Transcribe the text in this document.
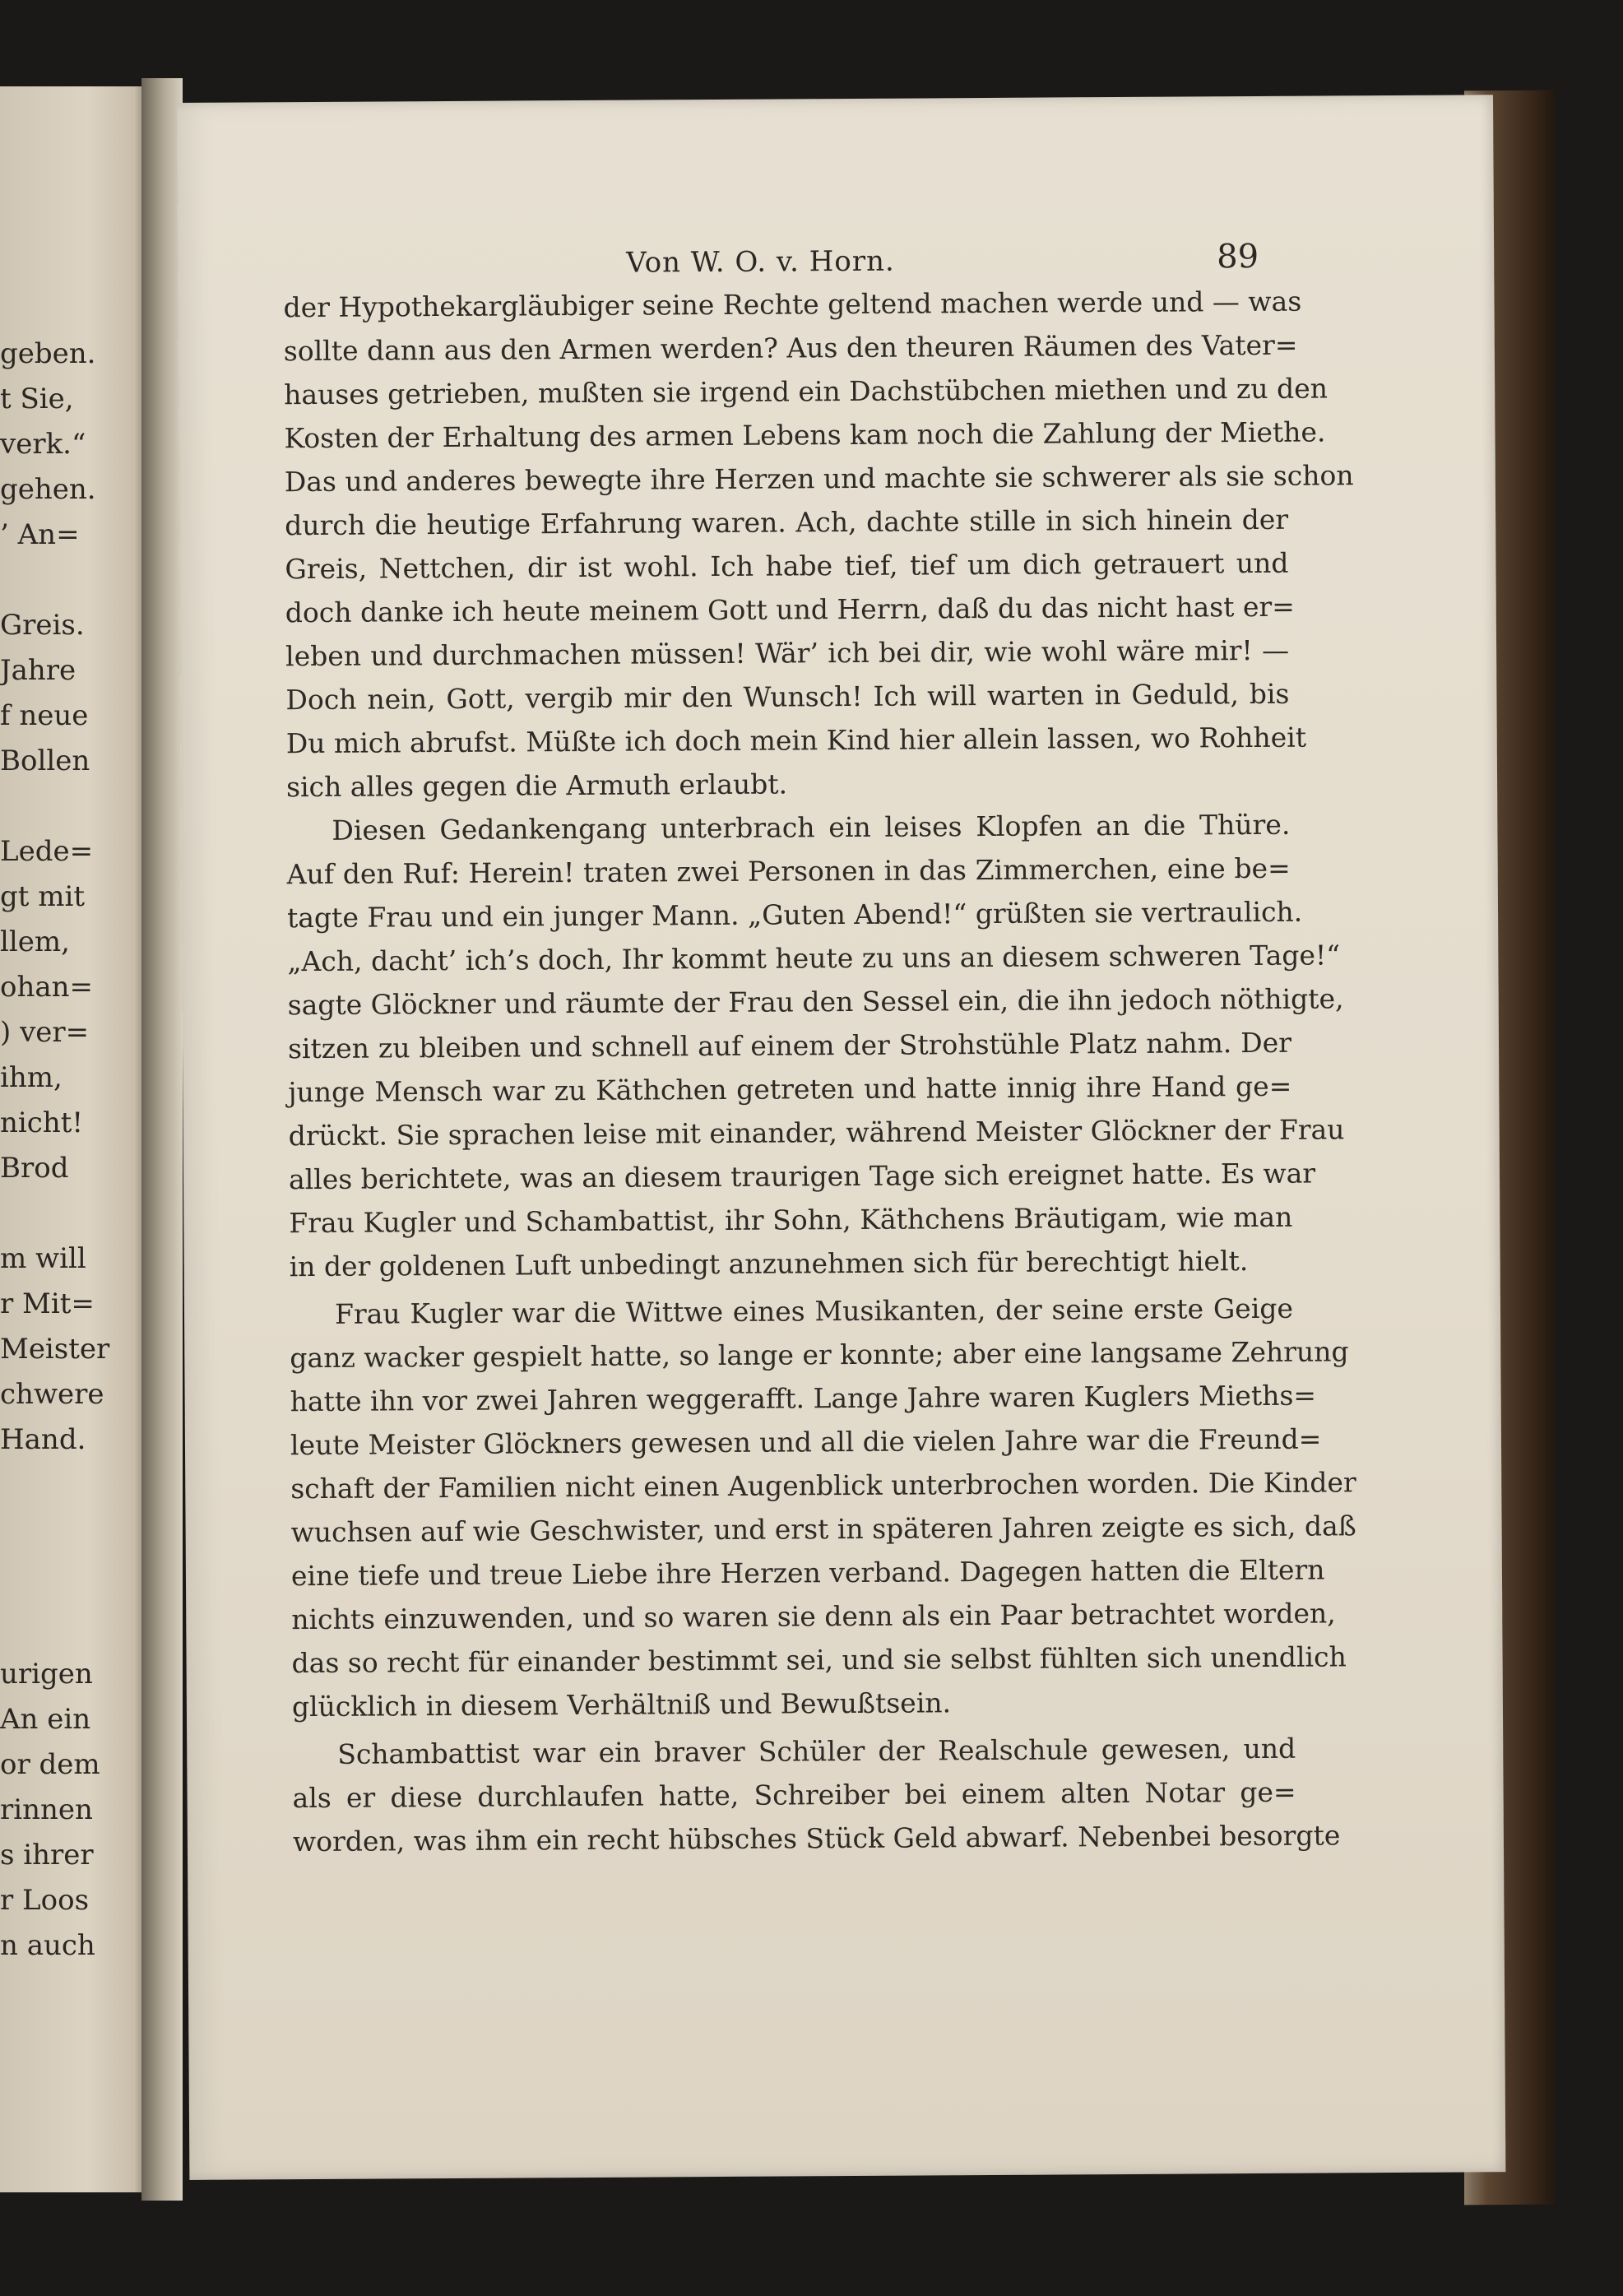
geben.
t Sie,
verk.“
gehen.
’ An=
Greis.
Jahre
f neue
Bollen
Lede=
gt mit
llem,
ohan=
) ver=
ihm,
nicht!
Brod
m will
r Mit=
Meister
chwere
Hand.
urigen
An ein
or dem
rinnen
s ihrer
r Loos
n auch
Von W. O. v. Horn.	89
der Hypothekargläubiger seine Rechte geltend machen werde und — was
sollte dann aus den Armen werden? Aus den theuren Räumen des Vater=
hauses getrieben, mußten sie irgend ein Dachstübchen miethen und zu den
Kosten der Erhaltung des armen Lebens kam noch die Zahlung der Miethe.
Das und anderes bewegte ihre Herzen und machte sie schwerer als sie schon
durch die heutige Erfahrung waren. Ach, dachte stille in sich hinein der
Greis, Nettchen, dir ist wohl. Ich habe tief, tief um dich getrauert und
doch danke ich heute meinem Gott und Herrn, daß du das nicht hast er=
leben und durchmachen müssen! Wär’ ich bei dir, wie wohl wäre mir! —
Doch nein, Gott, vergib mir den Wunsch! Ich will warten in Geduld, bis
Du mich abrufst. Müßte ich doch mein Kind hier allein lassen, wo Rohheit
sich alles gegen die Armuth erlaubt.
Diesen Gedankengang unterbrach ein leises Klopfen an die Thüre.
Auf den Ruf: Herein! traten zwei Personen in das Zimmerchen, eine be=
tagte Frau und ein junger Mann. „Guten Abend!“ grüßten sie vertraulich.
„Ach, dacht’ ich’s doch, Ihr kommt heute zu uns an diesem schweren Tage!“
sagte Glöckner und räumte der Frau den Sessel ein, die ihn jedoch nöthigte,
sitzen zu bleiben und schnell auf einem der Strohstühle Platz nahm. Der
junge Mensch war zu Käthchen getreten und hatte innig ihre Hand ge=
drückt. Sie sprachen leise mit einander, während Meister Glöckner der Frau
alles berichtete, was an diesem traurigen Tage sich ereignet hatte. Es war
Frau Kugler und Schambattist, ihr Sohn, Käthchens Bräutigam, wie man
in der goldenen Luft unbedingt anzunehmen sich für berechtigt hielt.
Frau Kugler war die Wittwe eines Musikanten, der seine erste Geige
ganz wacker gespielt hatte, so lange er konnte; aber eine langsame Zehrung
hatte ihn vor zwei Jahren weggerafft. Lange Jahre waren Kuglers Mieths=
leute Meister Glöckners gewesen und all die vielen Jahre war die Freund=
schaft der Familien nicht einen Augenblick unterbrochen worden. Die Kinder
wuchsen auf wie Geschwister, und erst in späteren Jahren zeigte es sich, daß
eine tiefe und treue Liebe ihre Herzen verband. Dagegen hatten die Eltern
nichts einzuwenden, und so waren sie denn als ein Paar betrachtet worden,
das so recht für einander bestimmt sei, und sie selbst fühlten sich unendlich
glücklich in diesem Verhältniß und Bewußtsein.
Schambattist war ein braver Schüler der Realschule gewesen, und
als er diese durchlaufen hatte, Schreiber bei einem alten Notar ge=
worden, was ihm ein recht hübsches Stück Geld abwarf. Nebenbei besorgte
